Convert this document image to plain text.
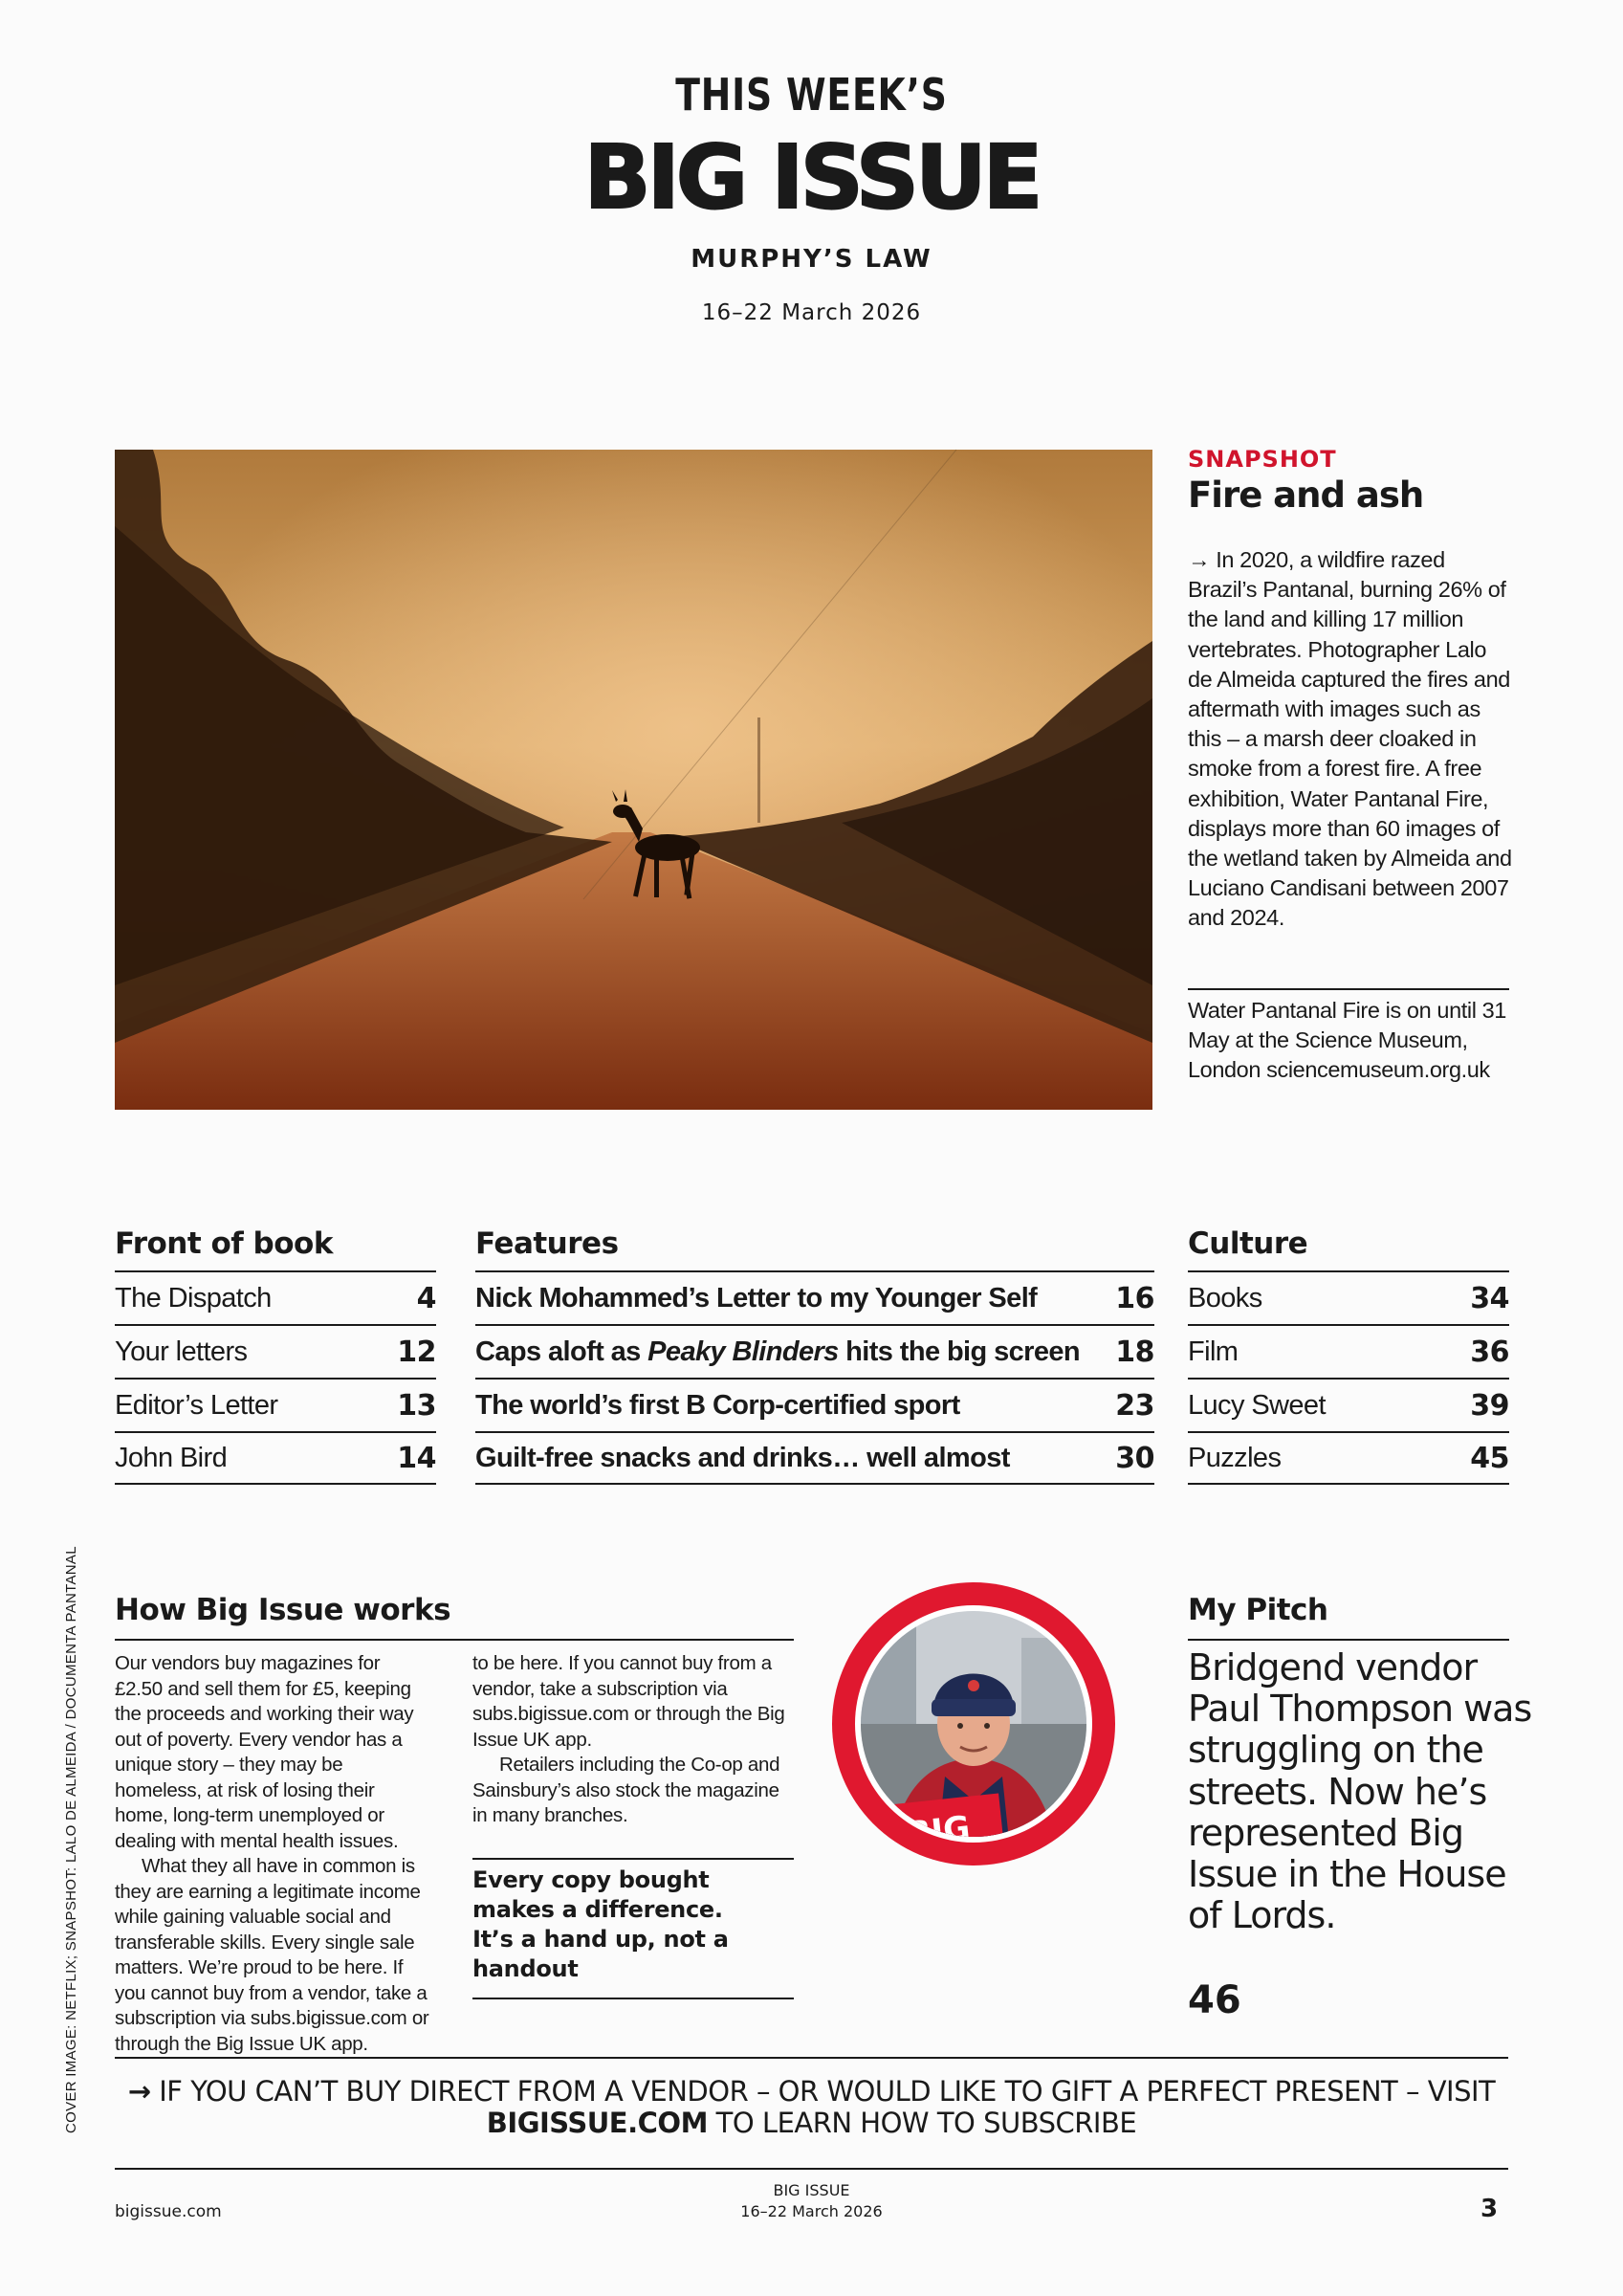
THIS WEEK’S
BIG ISSUE
MURPHY’S LAW
16–22 March 2026
SNAPSHOT
Fire and ash
→ In 2020, a wildfire razed Brazil’s Pantanal, burning 26% of the land and killing 17 million vertebrates. Photographer Lalo de Almeida captured the fires and aftermath with images such as this – a marsh deer cloaked in smoke from a forest fire. A free exhibition, Water Pantanal Fire, displays more than 60 images of the wetland taken by Almeida and Luciano Candisani between 2007 and 2024.
Water Pantanal Fire is on until 31 May at the Science Museum, London sciencemuseum.org.uk
Front of book
The Dispatch	4
Your letters	12
Editor’s Letter	13
John Bird	14
Features
Nick Mohammed’s Letter to my Younger Self	16
Caps aloft as Peaky Blinders hits the big screen 18
The world’s first B Corp-certified sport	23
Guilt-free snacks and drinks… well almost	30
Culture
Books	34
Film	36
Lucy Sweet	39
Puzzles	45
How Big Issue works

Our vendors buy magazines for £2.50 and sell them for £5, keeping the proceeds and working their way out of poverty. Every vendor has a unique story – they may be homeless, at risk of losing their home, long-term unemployed or dealing with mental health issues.

What they all have in common is they are earning a legitimate income while gaining valuable social and transferable skills. Every single sale matters. We’re proud to be here. If you cannot buy from a vendor, take a subscription via subs.bigissue.com or through the Big Issue UK app.

to be here. If you cannot buy from a vendor, take a subscription via subs.bigissue.com or through the Big Issue UK app.

Retailers including the Co-op and Sainsbury’s also stock the magazine in many branches.

Every copy bought makes a difference. It’s a hand up, not a handout
My Pitch
Bridgend vendor Paul Thompson was struggling on the streets. Now he’s represented Big Issue in the House of Lords.
46
COVER IMAGE: NETFLIX; SNAPSHOT: LALO DE ALMEIDA / DOCUMENTA PANTANAL	→ IF YOU CAN’T BUY DIRECT FROM A VENDOR – OR WOULD LIKE TO GIFT A PERFECT PRESENT – VISIT BIGISSUE.COM TO LEARN HOW TO SUBSCRIBE
bigissue.com
BIG ISSUE
16–22 March 2026	3
